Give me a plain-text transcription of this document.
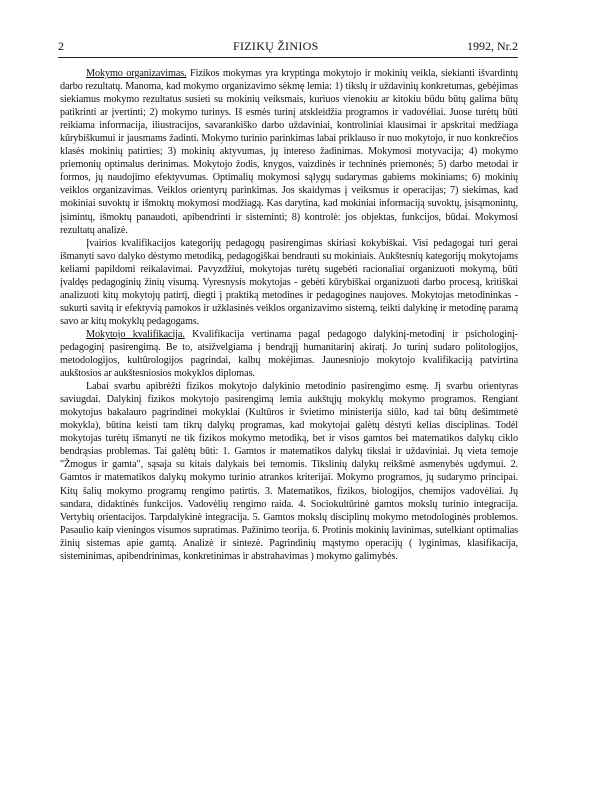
2	FIZIKŲ ŽINIOS	1992, Nr.2

Mokymo organizavimas. Fizikos mokymas yra kryptinga mokytojo ir mokinių veikla, siekianti išvardintų darbo rezultatų. Manoma, kad mokymo organizavimo sėkmę lemia: 1) tikslų ir uždavinių konkretumas, gebėjimas siekiamus mokymo rezultatus susieti su mokinių veiksmais, kuriuos vienokiu ar kitokiu būdu būtų galima būtų patikrinti ar įvertinti; 2) mokymo turinys. Iš esmės turinį atskleidžia programos ir vadovėliai. Juose turėtų būti reikiama informacija, iliustracijos, savarankiško darbo uždaviniai, kontroliniai klausimai ir apskritai medžiaga kūrybiškumui ir jausmams žadinti. Mokymo turinio parinkimas labai priklauso ir nuo mokytojo, ir nuo konkrečios klasės mokinių patirties; 3) mokinių aktyvumas, jų intereso žadinimas. Mokymosi motyvacija; 4) mokymo priemonių optimalus derinimas. Mokytojo žodis, knygos, vaizdinės ir techninės priemonės; 5) darbo metodai ir formos, jų naudojimo efektyvumas. Optimalių mokymosi sąlygų sudarymas gabiems mokiniams; 6) mokinių veiklos organizavimas. Veiklos orientyrų parinkimas. Jos skaidymas į veiksmus ir operacijas; 7) siekimas, kad mokiniai suvoktų ir išmoktų mokymosi modžiagą. Kas darytina, kad mokiniai informaciją suvoktų, įsisąmonintų, įsimintų, išmoktų panaudoti, apibendrinti ir sisteminti; 8) kontrolė: jos objektas, funkcijos, būdai. Mokymosi rezultatų analizė.

Įvairios kvalifikacijos kategorijų pedagogų pasirengimas skiriasi kokybiškai. Visi pedagogai turi gerai išmanyti savo dalyko dėstymo metodiką, pedagogiškai bendrauti su mokiniais. Aukštesnių kategorijų mokytojams keliami papildomi reikalavimai. Pavyzdžiui, mokytojas turėtų sugebėti racionaliai organizuoti mokymą, būti įvaldęs pedagoginių žinių visumą. Vyresnysis mokytojas - gebėti kūrybiškai organizuoti darbo procesą, kritiškai analizuoti kitų mokytojų patirtį, diegti į praktiką metodines ir pedagogines naujoves. Mokytojas metodininkas - sukurti savitą ir efektyvią pamokos ir užklasinės veiklos organizavimo sistemą, teikti dalykinę ir metodinę paramą savo ar kitų mokyklų pedagogams.

Mokytojo kvalifikacija. Kvalifikacija vertinama pagal pedagogo dalykinį-metodinį ir psichologinį-pedagoginį pasirengimą. Be to, atsižvelgiama į bendrąjį humanitarinį akiratį. Jo turinį sudaro politologijos, metodologijos, kultūrologijos pagrindai, kalbų mokėjimas. Jaunesniojo mokytojo kvalifikaciją patvirtina aukštosios ar aukštesniosios mokyklos diplomas.

Labai svarbu apibrėžti fizikos mokytojo dalykinio metodinio pasirengimo esmę. Jį svarbu orientyras saviugdai. Dalykinį fizikos mokytojo pasirengimą lemia aukštųjų mokyklų mokymo programos. Rengiant mokytojus bakalauro pagrindinei mokyklai (Kultūros ir švietimo ministerija siūlo, kad tai būtų dešimtmetė mokykla), būtina keisti tam tikrų dalykų programas, kad mokytojai galėtų dėstyti kelias disciplinas. Todėl mokytojas turėtų išmanyti ne tik fizikos mokymo metodiką, bet ir visos gamtos bei matematikos dalykų ciklo bendrąsias problemas. Tai galėtų būti: 1. Gamtos ir matematikos dalykų tikslai ir uždaviniai. Jų vieta temoje "Žmogus ir gamta", sąsaja su kitais dalykais bei temomis. Tikslinių dalykų reikšmė asmenybės ugdymui. 2. Gamtos ir matematikos dalykų mokymo turinio atrankos kriterijai. Mokymo programos, jų sudarymo principai. Kitų šalių mokymo programų rengimo patirtis. 3. Matematikos, fizikos, biologijos, chemijos vadovėliai. Jų sandara, didaktinės funkcijos. Vadovėlių rengimo raida. 4. Sociokultūrinė gamtos mokslų turinio integracija. Vertybių orientacijos. Tarpdalykinė integracija. 5. Gamtos mokslų disciplinų mokymo metodologinės problemos. Pasaulio kaip vieningos visumos supratimas. Pažinimo teorija. 6. Protinis mokinių lavinimas, sutelkiant optimalias žinių sistemas apie gamtą. Analizė ir sintezė. Pagrindinių mąstymo operacijų ( lyginimas, klasifikacija, sisteminimas, apibendrinimas, konkretinimas ir abstrahavimas ) mokymo galimybės.
